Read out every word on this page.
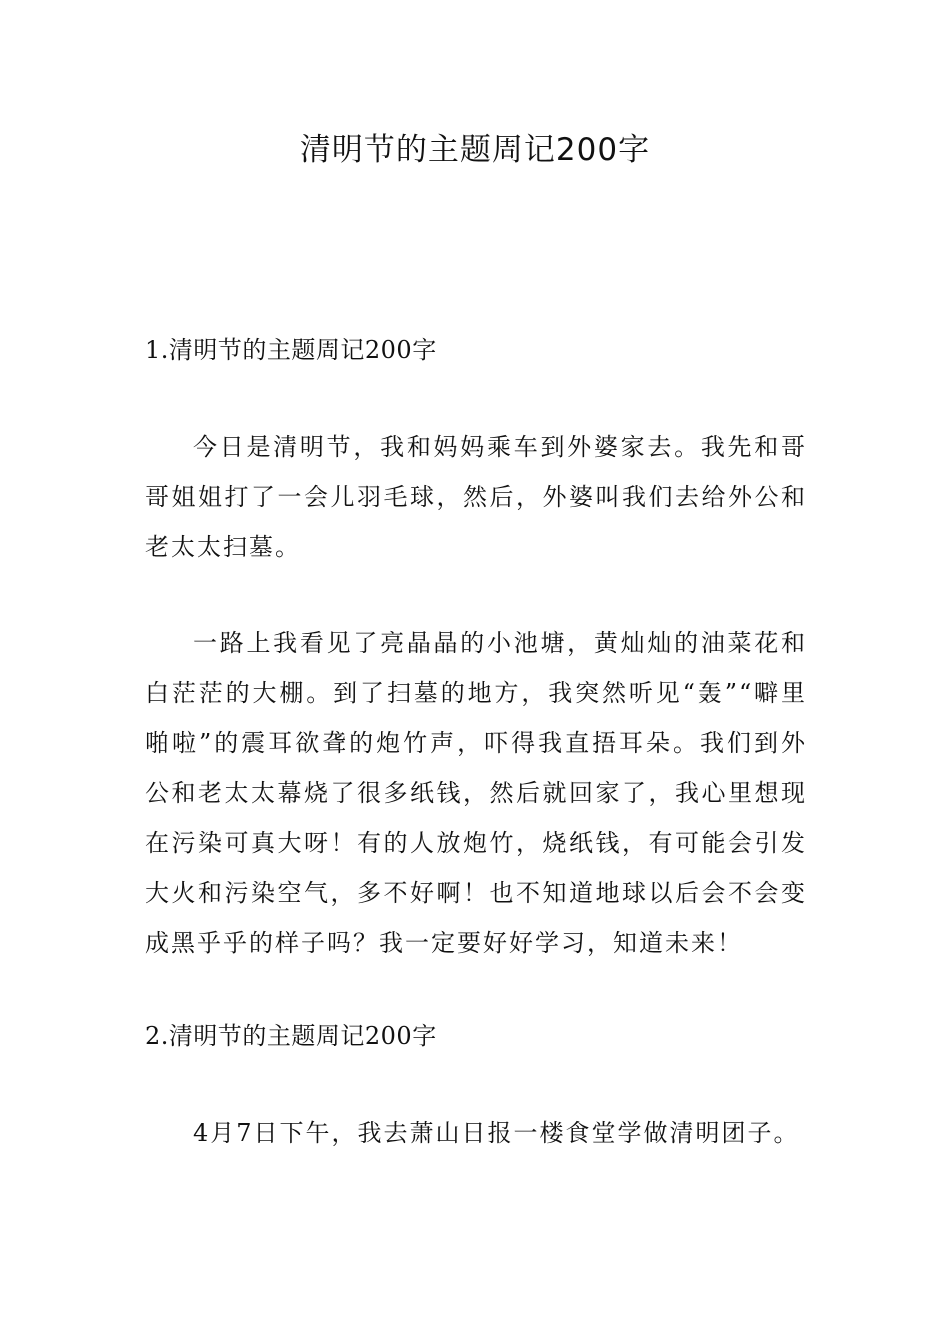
清明节的主题周记200字
1.清明节的主题周记200字

今日是清明节，我和妈妈乘车到外婆家去。我先和哥哥姐姐打了一会儿羽毛球，然后，外婆叫我们去给外公和老太太扫墓。

一路上我看见了亮晶晶的小池塘，黄灿灿的油菜花和白茫茫的大棚。到了扫墓的地方，我突然听见“轰”“噼里啪啦”的震耳欲聋的炮竹声，吓得我直捂耳朵。我们到外公和老太太幕烧了很多纸钱，然后就回家了，我心里想现在污染可真大呀！有的人放炮竹，烧纸钱，有可能会引发大火和污染空气，多不好啊！也不知道地球以后会不会变成黑乎乎的样子吗？我一定要好好学习，知道未来！

2.清明节的主题周记200字

4月7日下午，我去萧山日报一楼食堂学做清明团子。
